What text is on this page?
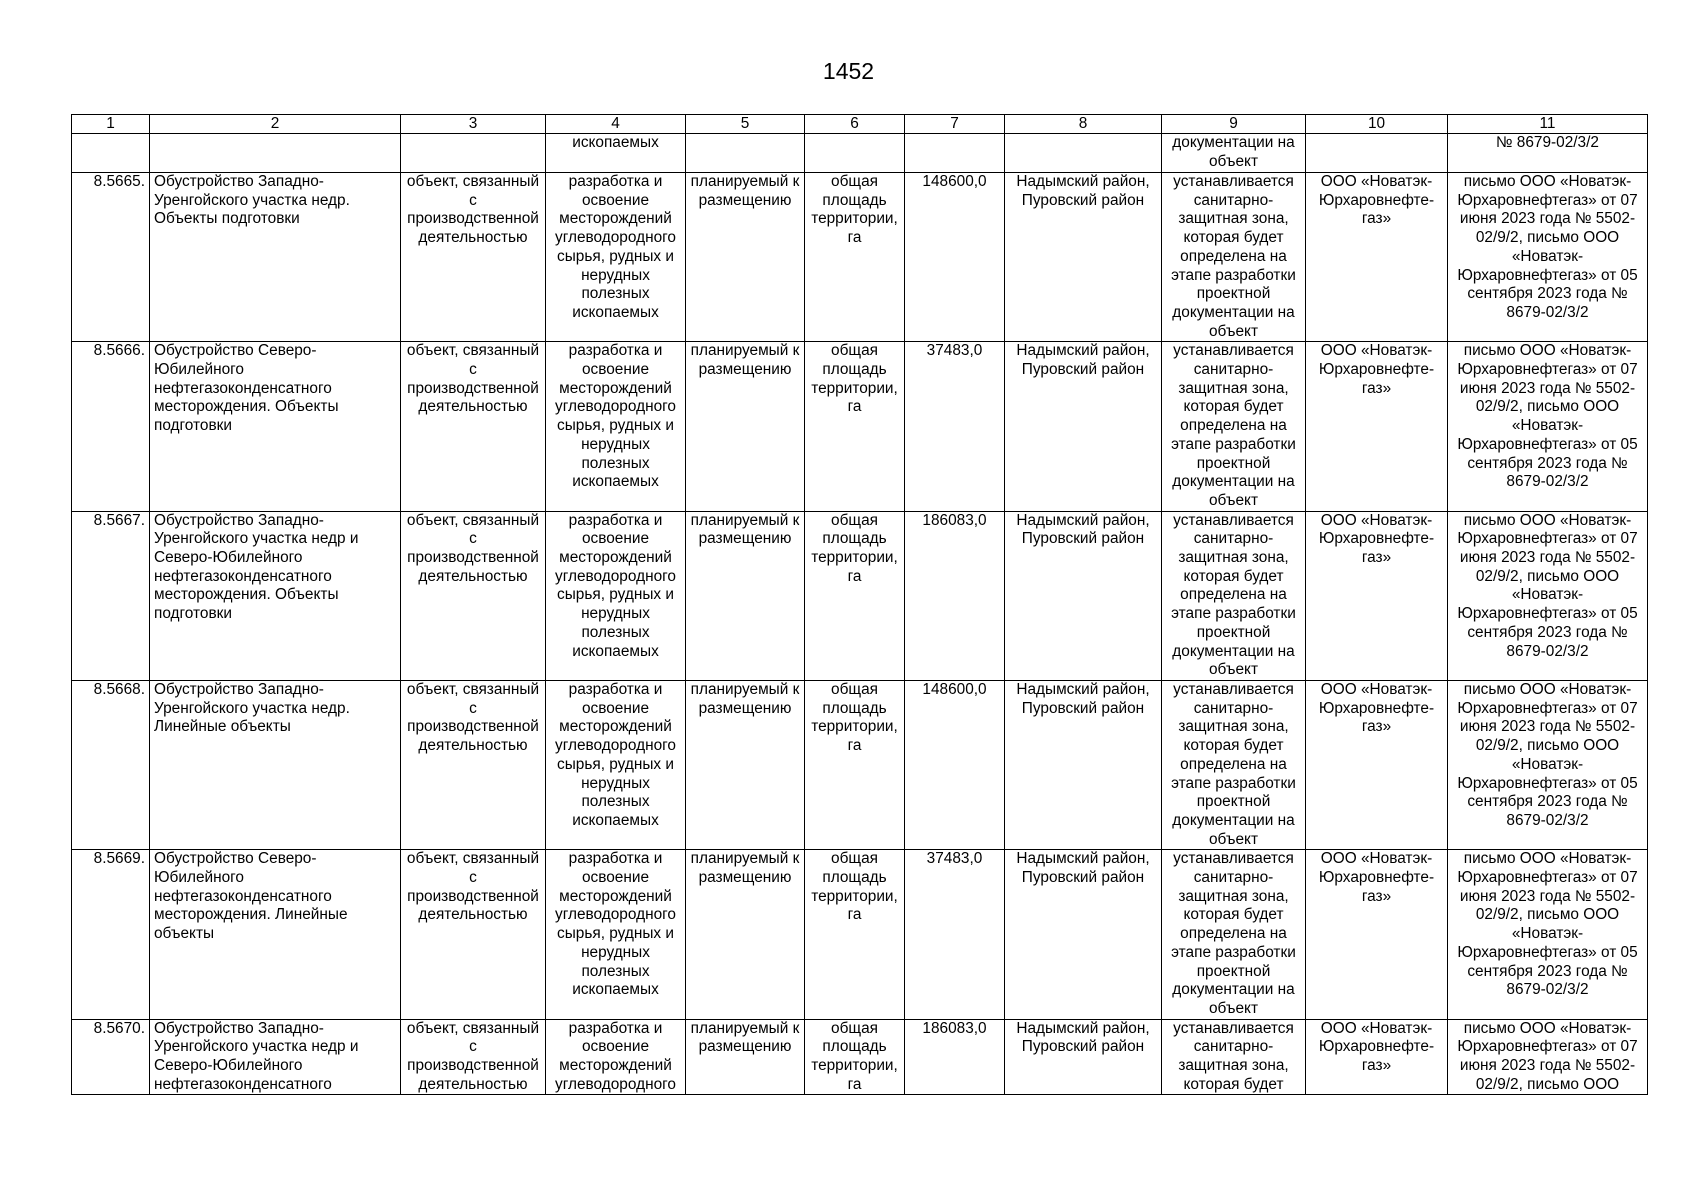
1452
1	2	3	4	5	6	7	8	9	10	11
			ископаемых					документации на объект		№ 8679-02/3/2
8.5665.	Обустройство Западно-Уренгойского участка недр. Объекты подготовки	объект, связанный с производственной деятельностью	разработка и освоение месторождений углеводородного сырья, рудных и нерудных полезных ископаемых	планируемый к размещению	общая площадь территории, га	148600,0	Надымский район, Пуровский район	устанавливается санитарно-защитная зона, которая будет определена на этапе разработки проектной документации на объект	ООО «Новатэк-Юрхаровнефте-газ»	письмо ООО «Новатэк-Юрхаровнефтегаз» от 07 июня 2023 года № 5502-02/9/2, письмо ООО «Новатэк-Юрхаровнефтегаз» от 05 сентября 2023 года № 8679-02/3/2
8.5666.	Обустройство Северо-Юбилейного нефтегазоконденсатного месторождения. Объекты подготовки	объект, связанный с производственной деятельностью	разработка и освоение месторождений углеводородного сырья, рудных и нерудных полезных ископаемых	планируемый к размещению	общая площадь территории, га	37483,0	Надымский район, Пуровский район	устанавливается санитарно-защитная зона, которая будет определена на этапе разработки проектной документации на объект	ООО «Новатэк-Юрхаровнефте-газ»	письмо ООО «Новатэк-Юрхаровнефтегаз» от 07 июня 2023 года № 5502-02/9/2, письмо ООО «Новатэк-Юрхаровнефтегаз» от 05 сентября 2023 года № 8679-02/3/2
8.5667.	Обустройство Западно-Уренгойского участка недр и Северо-Юбилейного нефтегазоконденсатного месторождения. Объекты подготовки	объект, связанный с производственной деятельностью	разработка и освоение месторождений углеводородного сырья, рудных и нерудных полезных ископаемых	планируемый к размещению	общая площадь территории, га	186083,0	Надымский район, Пуровский район	устанавливается санитарно-защитная зона, которая будет определена на этапе разработки проектной документации на объект	ООО «Новатэк-Юрхаровнефте-газ»	письмо ООО «Новатэк-Юрхаровнефтегаз» от 07 июня 2023 года № 5502-02/9/2, письмо ООО «Новатэк-Юрхаровнефтегаз» от 05 сентября 2023 года № 8679-02/3/2
8.5668.	Обустройство Западно-Уренгойского участка недр. Линейные объекты	объект, связанный с производственной деятельностью	разработка и освоение месторождений углеводородного сырья, рудных и нерудных полезных ископаемых	планируемый к размещению	общая площадь территории, га	148600,0	Надымский район, Пуровский район	устанавливается санитарно-защитная зона, которая будет определена на этапе разработки проектной документации на объект	ООО «Новатэк-Юрхаровнефте-газ»	письмо ООО «Новатэк-Юрхаровнефтегаз» от 07 июня 2023 года № 5502-02/9/2, письмо ООО «Новатэк-Юрхаровнефтегаз» от 05 сентября 2023 года № 8679-02/3/2
8.5669.	Обустройство Северо-Юбилейного нефтегазоконденсатного месторождения. Линейные объекты	объект, связанный с производственной деятельностью	разработка и освоение месторождений углеводородного сырья, рудных и нерудных полезных ископаемых	планируемый к размещению	общая площадь территории, га	37483,0	Надымский район, Пуровский район	устанавливается санитарно-защитная зона, которая будет определена на этапе разработки проектной документации на объект	ООО «Новатэк-Юрхаровнефте-газ»	письмо ООО «Новатэк-Юрхаровнефтегаз» от 07 июня 2023 года № 5502-02/9/2, письмо ООО «Новатэк-Юрхаровнефтегаз» от 05 сентября 2023 года № 8679-02/3/2
8.5670.	Обустройство Западно-Уренгойского участка недр и Северо-Юбилейного нефтегазоконденсатного	объект, связанный с производственной деятельностью	разработка и освоение месторождений углеводородного	планируемый к размещению	общая площадь территории, га	186083,0	Надымский район, Пуровский район	устанавливается санитарно-защитная зона, которая будет	ООО «Новатэк-Юрхаровнефте-газ»	письмо ООО «Новатэк-Юрхаровнефтегаз» от 07 июня 2023 года № 5502-02/9/2, письмо ООО
